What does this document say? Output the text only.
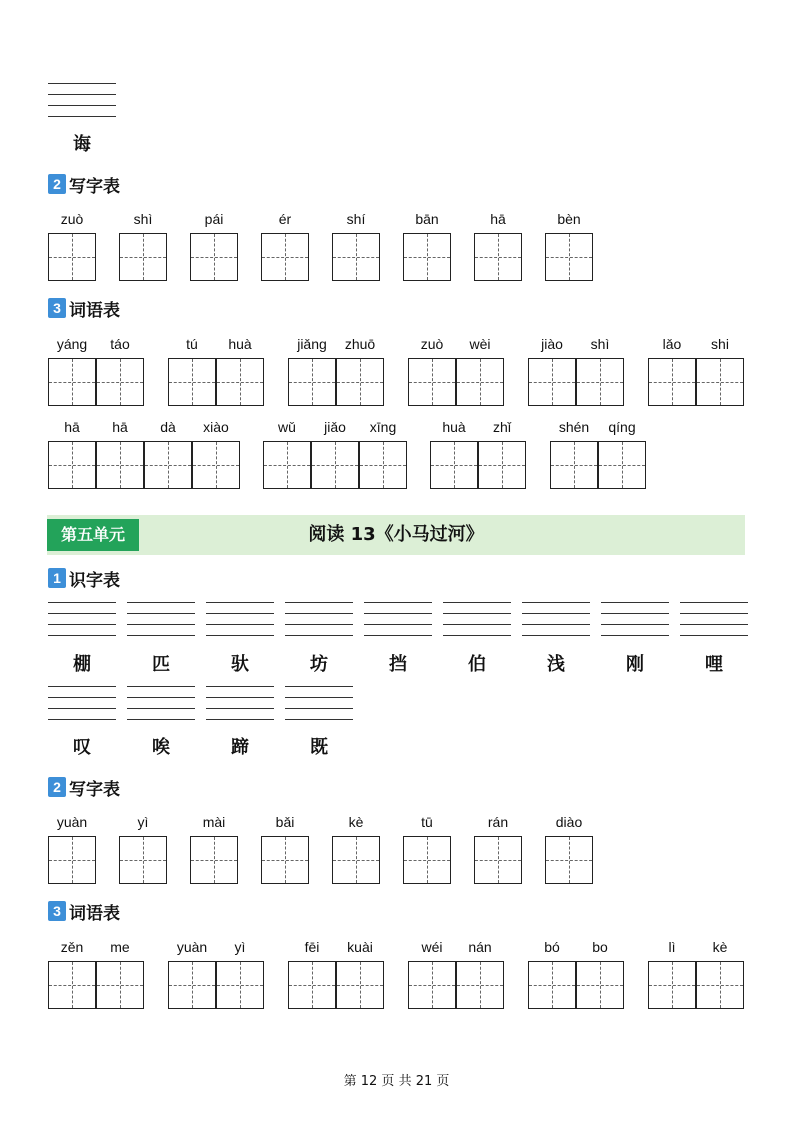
诲
2 写字表
zuò	shì	pái	ér	shí	bān	hā	bèn
3 词语表
yáng	táo	tú	huà	jiǎng	zhuō	zuò	wèi	jiào	shì	lǎo	shi
hā	hā	dà	xiào	wǔ	jiǎo	xīng	huà	zhǐ	shén	qíng
第五单元	阅读 13《小马过河》
1 识字表
棚	匹	驮	坊	挡	伯	浅	刚	哩
叹	唉	蹄	既
2 写字表
yuàn	yì	mài	bǎi	kè	tū	rán	diào
3 词语表
zěn	me	yuàn	yì	fēi	kuài	wéi	nán	bó	bo	lì	kè
第 12 页 共 21 页
